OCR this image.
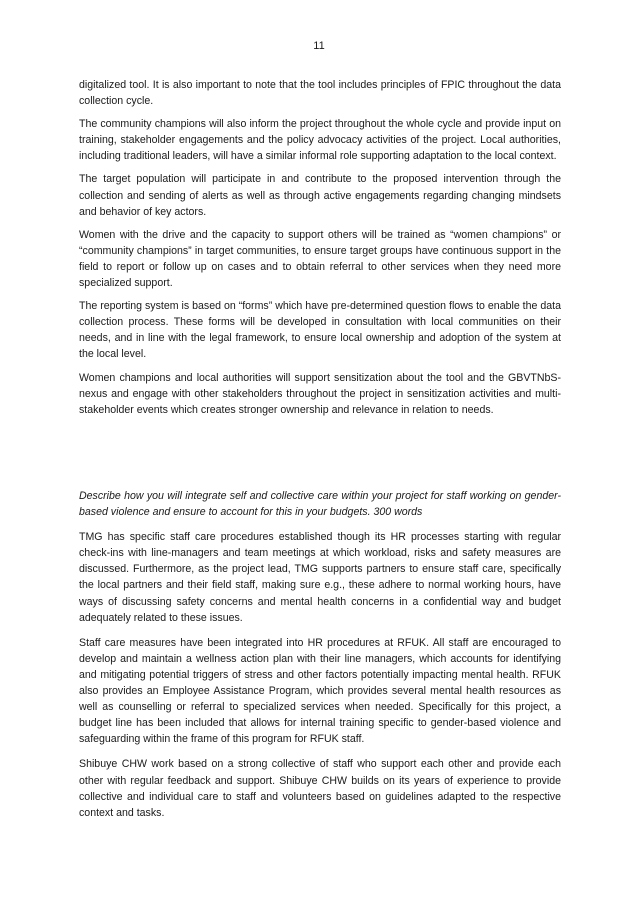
11

digitalized tool. It is also important to note that the tool includes principles of FPIC throughout the data collection cycle.

The community champions will also inform the project throughout the whole cycle and provide input on training, stakeholder engagements and the policy advocacy activities of the project. Local authorities, including traditional leaders, will have a similar informal role supporting adaptation to the local context.

The target population will participate in and contribute to the proposed intervention through the collection and sending of alerts as well as through active engagements regarding changing mindsets and behavior of key actors.

Women with the drive and the capacity to support others will be trained as “women champions” or “community champions” in target communities, to ensure target groups have continuous support in the field to report or follow up on cases and to obtain referral to other services when they need more specialized support.

The reporting system is based on “forms” which have pre-determined question flows to enable the data collection process. These forms will be developed in consultation with local communities on their needs, and in line with the legal framework, to ensure local ownership and adoption of the system at the local level.

Women champions and local authorities will support sensitization about the tool and the GBVTNbS-nexus and engage with other stakeholders throughout the project in sensitization activities and multi-stakeholder events which creates stronger ownership and relevance in relation to needs.

Describe how you will integrate self and collective care within your project for staff working on gender-based violence and ensure to account for this in your budgets. 300 words

TMG has specific staff care procedures established though its HR processes starting with regular check-ins with line-managers and team meetings at which workload, risks and safety measures are discussed. Furthermore, as the project lead, TMG supports partners to ensure staff care, specifically the local partners and their field staff, making sure e.g., these adhere to normal working hours, have ways of discussing safety concerns and mental health concerns in a confidential way and budget adequately related to these issues.

Staff care measures have been integrated into HR procedures at RFUK. All staff are encouraged to develop and maintain a wellness action plan with their line managers, which accounts for identifying and mitigating potential triggers of stress and other factors potentially impacting mental health. RFUK also provides an Employee Assistance Program, which provides several mental health resources as well as counselling or referral to specialized services when needed. Specifically for this project, a budget line has been included that allows for internal training specific to gender-based violence and safeguarding within the frame of this program for RFUK staff.

Shibuye CHW work based on a strong collective of staff who support each other and provide each other with regular feedback and support. Shibuye CHW builds on its years of experience to provide collective and individual care to staff and volunteers based on guidelines adapted to the respective context and tasks.
